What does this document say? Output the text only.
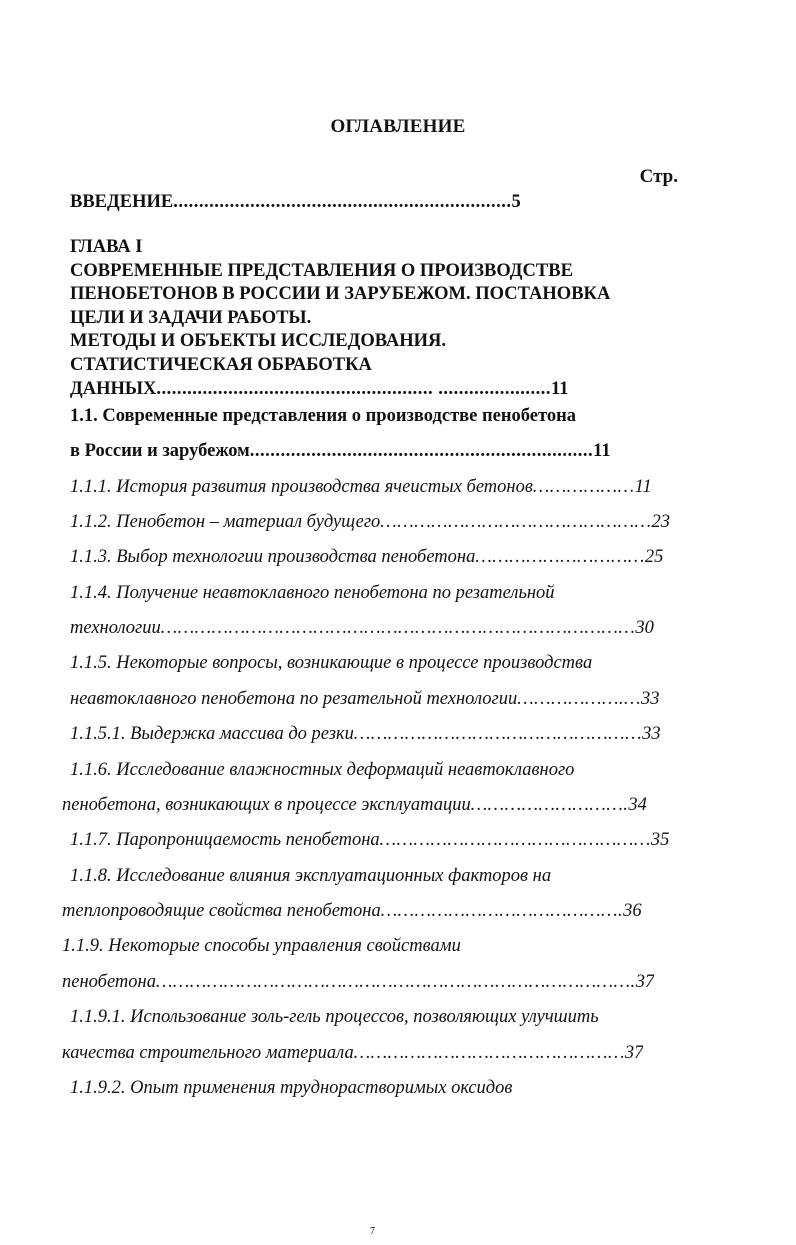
ОГЛАВЛЕНИЕ
Стр.
ВВЕДЕНИЕ..................................................................5
ГЛАВА I
СОВРЕМЕННЫЕ ПРЕДСТАВЛЕНИЯ О ПРОИЗВОДСТВЕ
ПЕНОБЕТОНОВ В РОССИИ И ЗАРУБЕЖОМ. ПОСТАНОВКА
ЦЕЛИ И ЗАДАЧИ РАБОТЫ.
МЕТОДЫ И ОБЪЕКТЫ ИССЛЕДОВАНИЯ.
СТАТИСТИЧЕСКАЯ ОБРАБОТКА
ДАННЫХ...................................................... ......................11
1.1. Современные представления о производстве пенобетона
в России и зарубежом...................................................................11
1.1.1. История развития производства ячеистых бетонов………………11
1.1.2. Пенобетон – материал будущего…………………………………………23
1.1.3. Выбор технологии производства пенобетона…………………………25
1.1.4. Получение неавтоклавного пенобетона по резательной
технологии…………………………………………………………………………30
1.1.5. Некоторые вопросы, возникающие в процессе производства
неавтоклавного пенобетона по резательной технологии……………….…33
1.1.5.1. Выдержка массива до резки……………………………………………33
1.1.6. Исследование влажностных деформаций неавтоклавного
пенобетона, возникающих в процессе эксплуатации……………………….34
1.1.7. Паропроницаемость пенобетона…………………………………………35
1.1.8. Исследование влияния эксплуатационных факторов на
теплопроводящие свойства пенобетона…………………………………….36
1.1.9. Некоторые способы управления свойствами
пенобетона………………………………………………………………………….37
1.1.9.1. Использование золь-гель процессов, позволяющих улучшить
качества строительного материала…………………………………………37
1.1.9.2. Опыт применения труднорастворимых оксидов
7
